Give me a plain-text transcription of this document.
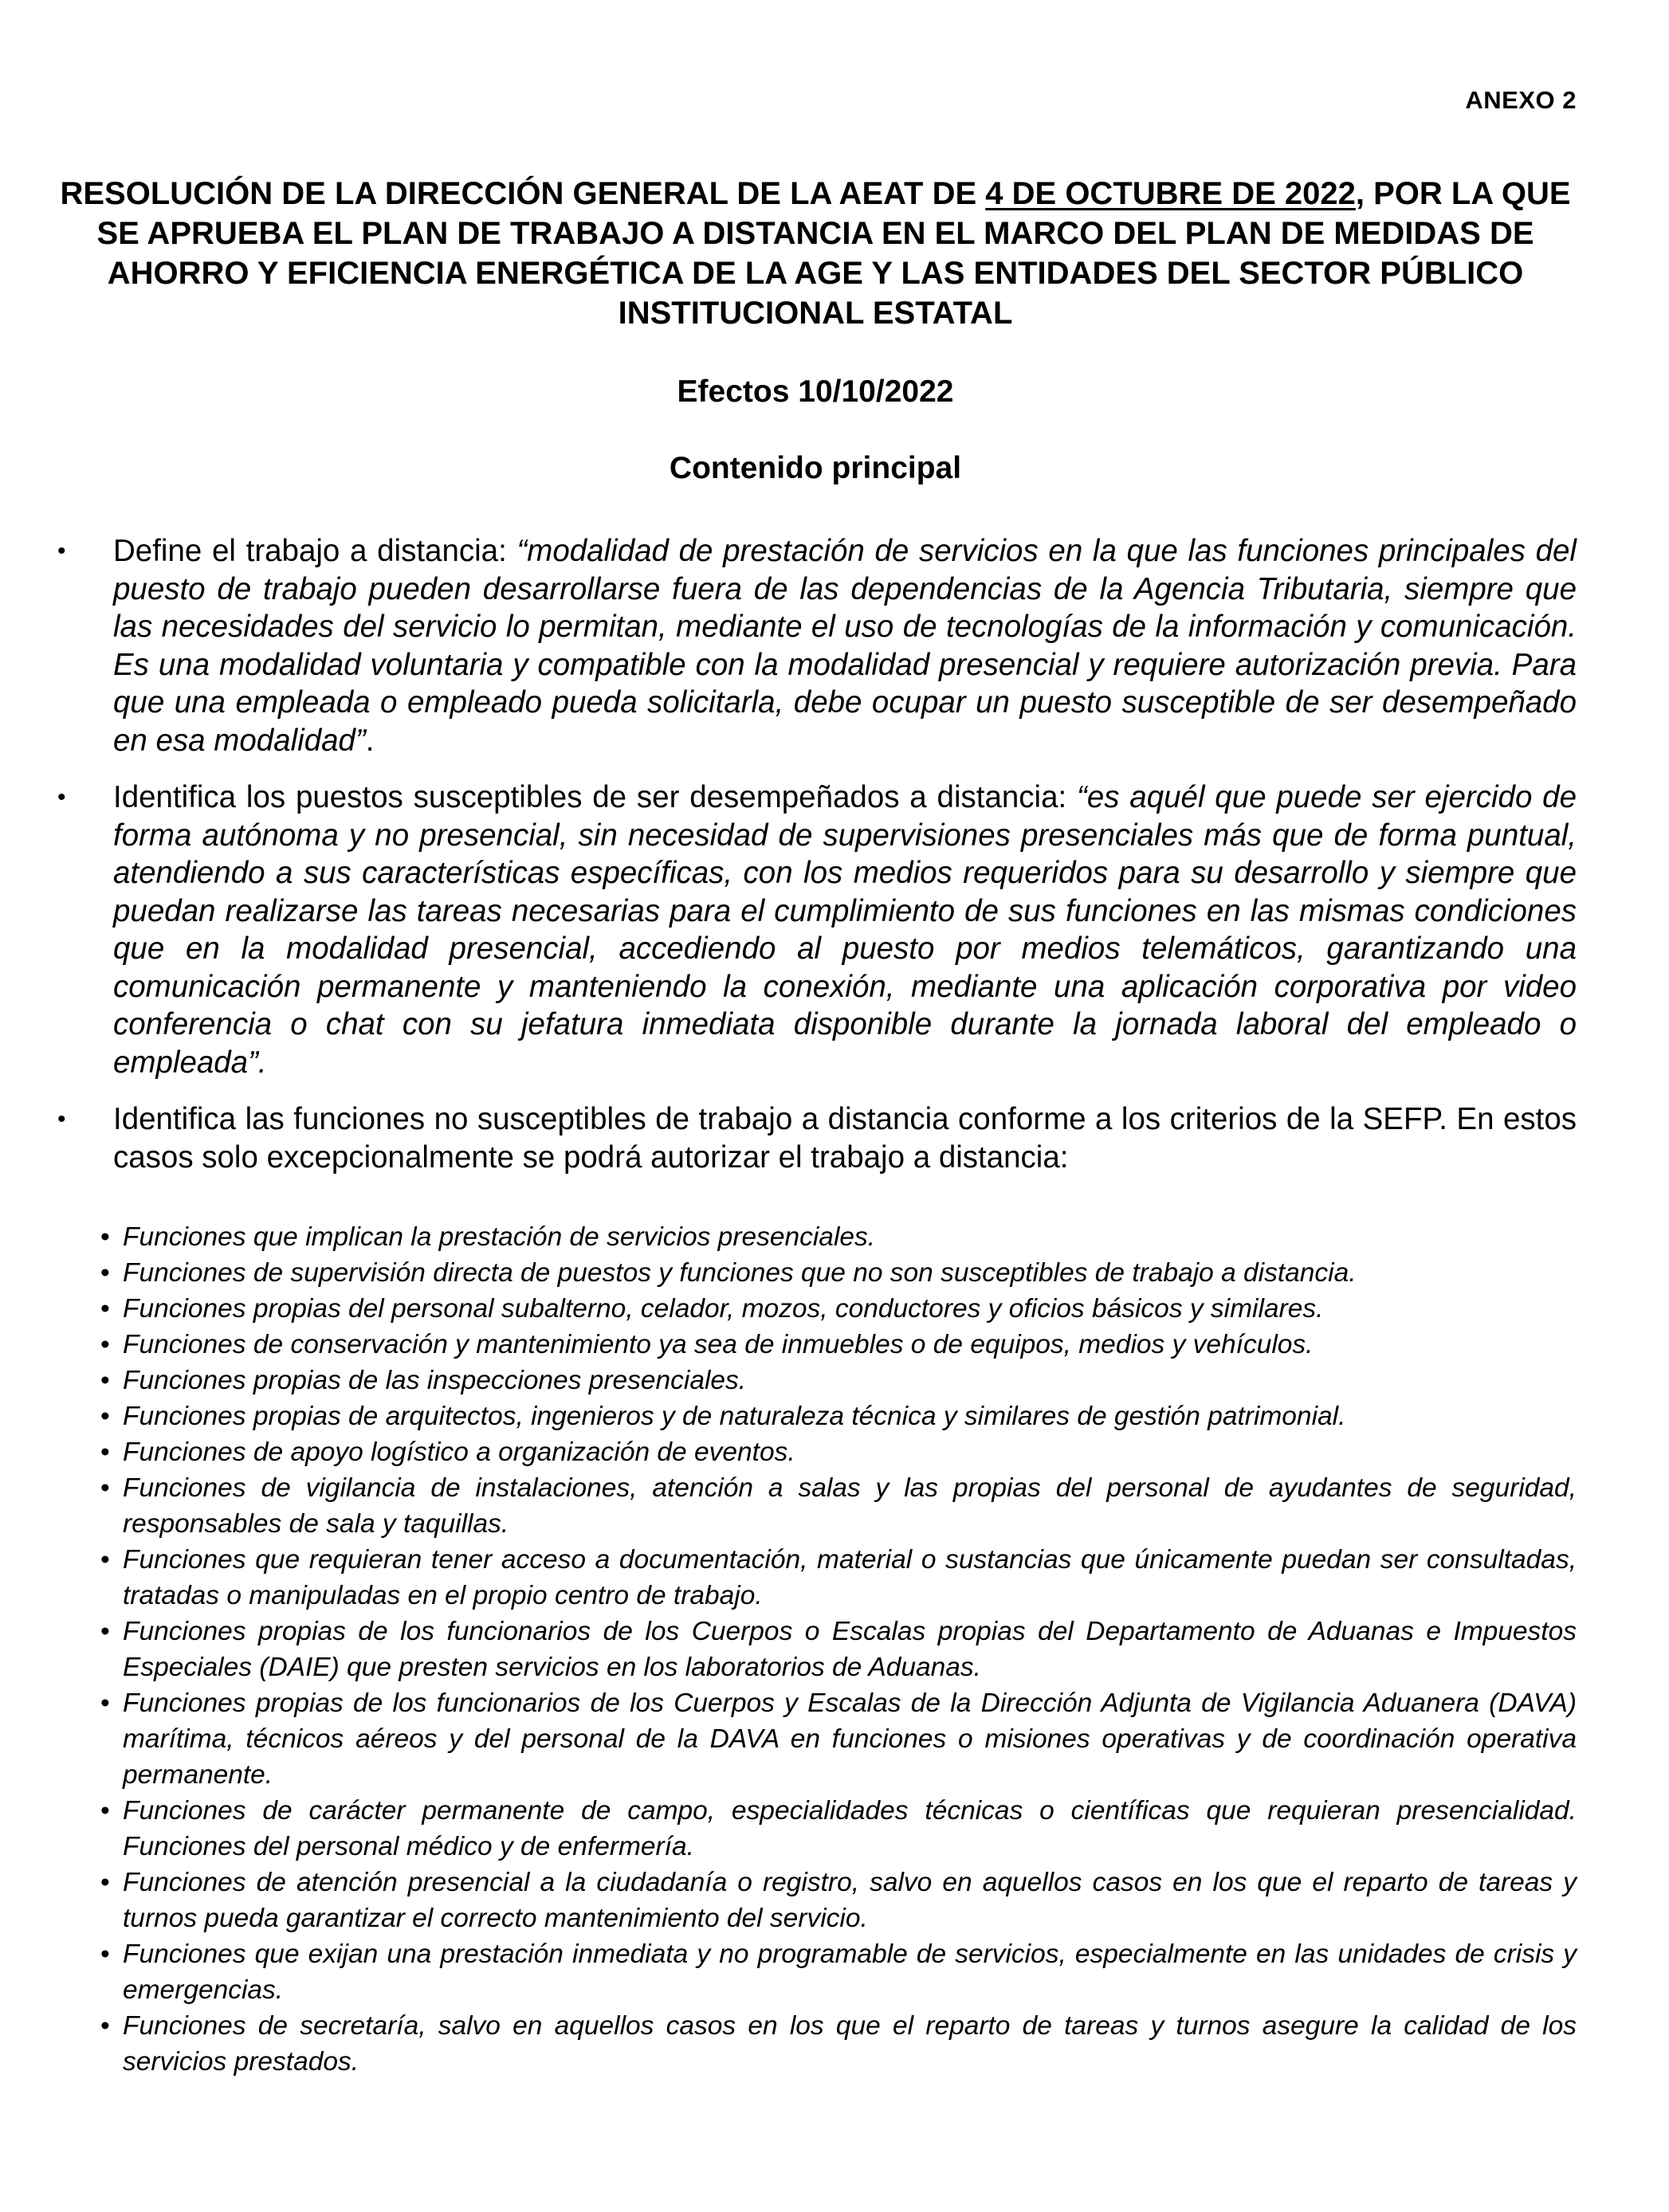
ANEXO 2
RESOLUCIÓN DE LA DIRECCIÓN GENERAL DE LA AEAT DE 4 DE OCTUBRE DE 2022, POR LA QUE SE APRUEBA EL PLAN DE TRABAJO A DISTANCIA EN EL MARCO DEL PLAN DE MEDIDAS DE AHORRO Y EFICIENCIA ENERGÉTICA DE LA AGE Y LAS ENTIDADES DEL SECTOR PÚBLICO INSTITUCIONAL ESTATAL
Efectos 10/10/2022
Contenido principal
• Define el trabajo a distancia: “modalidad de prestación de servicios en la que las funciones principales del puesto de trabajo pueden desarrollarse fuera de las dependencias de la Agencia Tributaria, siempre que las necesidades del servicio lo permitan, mediante el uso de tecnologías de la información y comunicación. Es una modalidad voluntaria y compatible con la modalidad presencial y requiere autorización previa. Para que una empleada o empleado pueda solicitarla, debe ocupar un puesto susceptible de ser desempeñado en esa modalidad”.
• Identifica los puestos susceptibles de ser desempeñados a distancia: “es aquél que puede ser ejercido de forma autónoma y no presencial, sin necesidad de supervisiones presenciales más que de forma puntual, atendiendo a sus características específicas, con los medios requeridos para su desarrollo y siempre que puedan realizarse las tareas necesarias para el cumplimiento de sus funciones en las mismas condiciones que en la modalidad presencial, accediendo al puesto por medios telemáticos, garantizando una comunicación permanente y manteniendo la conexión, mediante una aplicación corporativa por video conferencia o chat con su jefatura inmediata disponible durante la jornada laboral del empleado o empleada”.
• Identifica las funciones no susceptibles de trabajo a distancia conforme a los criterios de la SEFP. En estos casos solo excepcionalmente se podrá autorizar el trabajo a distancia:
• Funciones que implican la prestación de servicios presenciales.
• Funciones de supervisión directa de puestos y funciones que no son susceptibles de trabajo a distancia.
• Funciones propias del personal subalterno, celador, mozos, conductores y oficios básicos y similares.
• Funciones de conservación y mantenimiento ya sea de inmuebles o de equipos, medios y vehículos.
• Funciones propias de las inspecciones presenciales.
• Funciones propias de arquitectos, ingenieros y de naturaleza técnica y similares de gestión patrimonial.
• Funciones de apoyo logístico a organización de eventos.
• Funciones de vigilancia de instalaciones, atención a salas y las propias del personal de ayudantes de seguridad, responsables de sala y taquillas.
• Funciones que requieran tener acceso a documentación, material o sustancias que únicamente puedan ser consultadas, tratadas o manipuladas en el propio centro de trabajo.
• Funciones propias de los funcionarios de los Cuerpos o Escalas propias del Departamento de Aduanas e Impuestos Especiales (DAIE) que presten servicios en los laboratorios de Aduanas.
• Funciones propias de los funcionarios de los Cuerpos y Escalas de la Dirección Adjunta de Vigilancia Aduanera (DAVA) marítima, técnicos aéreos y del personal de la DAVA en funciones o misiones operativas y de coordinación operativa permanente.
• Funciones de carácter permanente de campo, especialidades técnicas o científicas que requieran presencialidad. Funciones del personal médico y de enfermería.
• Funciones de atención presencial a la ciudadanía o registro, salvo en aquellos casos en los que el reparto de tareas y turnos pueda garantizar el correcto mantenimiento del servicio.
• Funciones que exijan una prestación inmediata y no programable de servicios, especialmente en las unidades de crisis y emergencias.
• Funciones de secretaría, salvo en aquellos casos en los que el reparto de tareas y turnos asegure la calidad de los servicios prestados.
